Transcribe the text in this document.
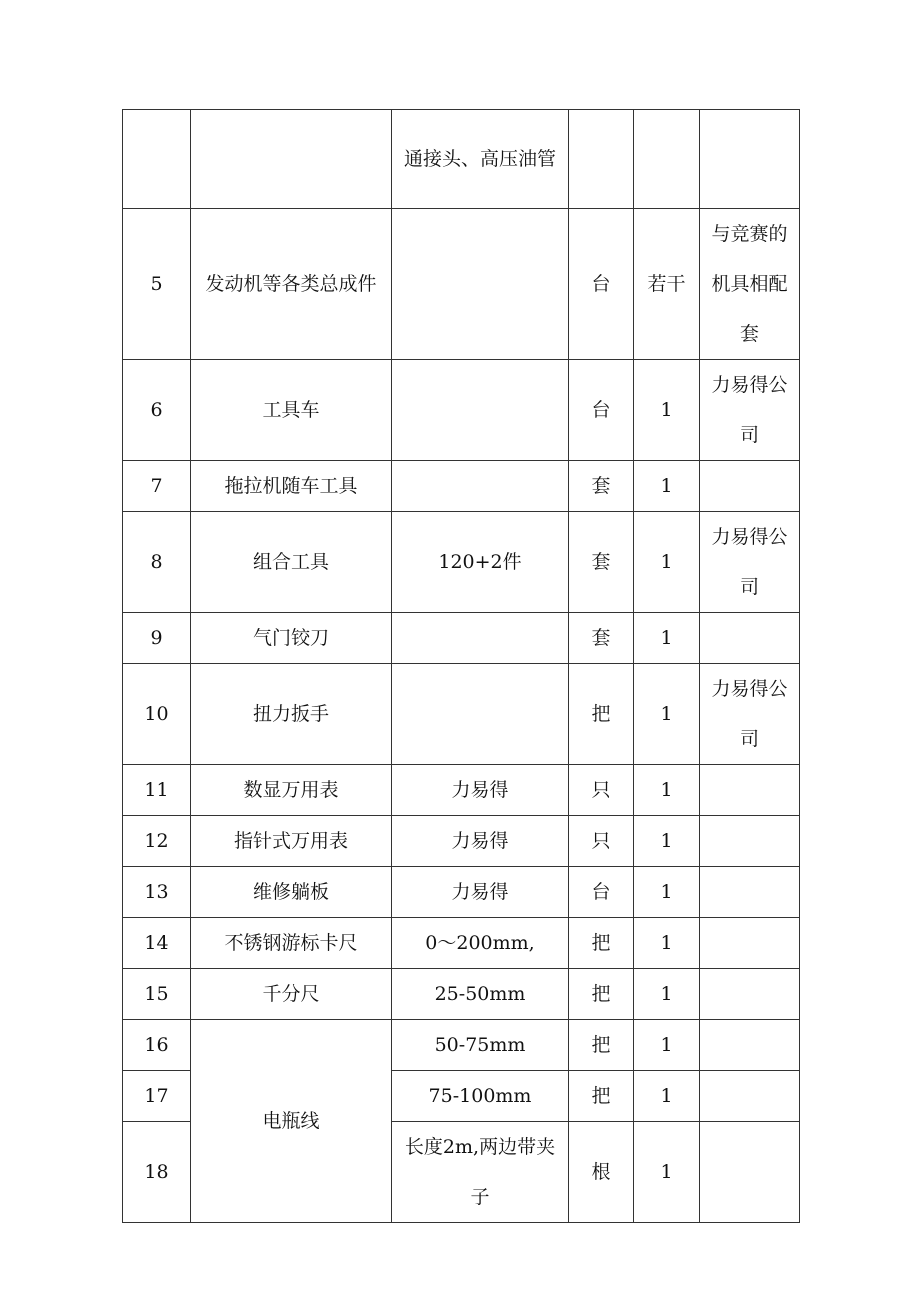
		通接头、高压油管			
5	发动机等各类总成件		台	若干	与竞赛的机具相配套
6	工具车		台	1	力易得公司
7	拖拉机随车工具		套	1	
8	组合工具	120+2件	套	1	力易得公司
9	气门铰刀		套	1	
10	扭力扳手		把	1	力易得公司
11	数显万用表	力易得	只	1	
12	指针式万用表	力易得	只	1	
13	维修躺板	力易得	台	1	
14	不锈钢游标卡尺	0～200mm,	把	1	
15	千分尺	25-50mm	把	1	
16	电瓶线	50-75mm	把	1	
17		75-100mm	把	1	
18		长度2m,两边带夹子	根	1	
